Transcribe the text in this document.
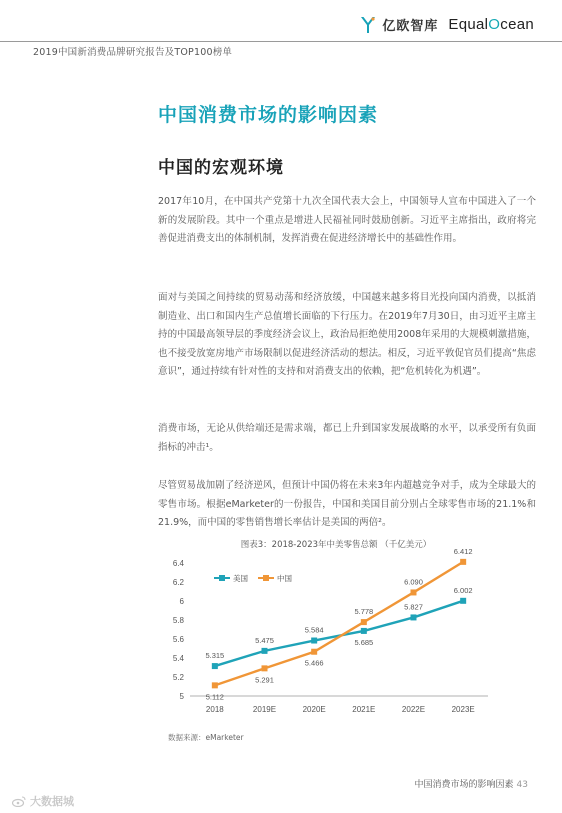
亿欧智库 EqualOcean
2019中国新消费品牌研究报告及TOP100榜单
中国消费市场的影响因素
中国的宏观环境

2017年10月，在中国共产党第十九次全国代表大会上，中国领导人宣布中国进入了一个新的发展阶段。其中一个重点是增进人民福祉同时鼓励创新。习近平主席指出，政府将完善促进消费支出的体制机制，发挥消费在促进经济增长中的基础性作用。

面对与美国之间持续的贸易动荡和经济放缓，中国越来越多将目光投向国内消费，以抵消制造业、出口和国内生产总值增长面临的下行压力。在2019年7月30日，由习近平主席主持的中国最高领导层的季度经济会议上，政治局拒绝使用2008年采用的大规模刺激措施，也不接受放宽房地产市场限制以促进经济活动的想法。相反，习近平敦促官员们提高“焦虑意识”，通过持续有针对性的支持和对消费支出的依赖，把“危机转化为机遇”。

消费市场，无论从供给端还是需求端，都已上升到国家发展战略的水平，以承受所有负面指标的冲击¹。

尽管贸易战加剧了经济逆风，但预计中国仍将在未来3年内超越竞争对手，成为全球最大的零售市场。根据eMarketer的一份报告，中国和美国目前分别占全球零售市场的21.1%和21.9%，而中国的零售销售增长率估计是美国的两倍²。

5
5.2
5.4
5.6
5.8
6
6.2
6.4
2018	2019E	2020E	2021E	2022E	2023E
5.315
5.475
5.584
5.685
5.827
6.002
5.112
5.291
5.466
5.778
6.090
6.412
美国	中国
图表3：2018-2023年中美零售总额 （千亿美元）
数据来源：eMarketer
中国消费市场的影响因素 43
大数据城
